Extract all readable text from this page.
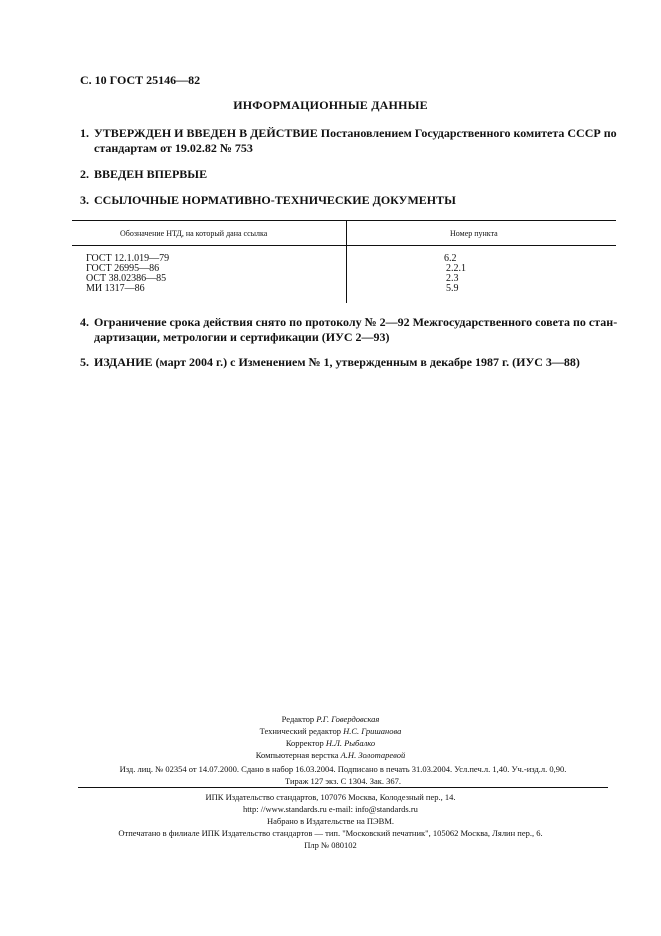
С. 10 ГОСТ 25146—82
ИНФОРМАЦИОННЫЕ ДАННЫЕ
1. УТВЕРЖДЕН И ВВЕДЕН В ДЕЙСТВИЕ Постановлением Государственного комитета СССР по
стандартам от 19.02.82 № 753
2. ВВЕДЕН ВПЕРВЫЕ
3. ССЫЛОЧНЫЕ НОРМАТИВНО-ТЕХНИЧЕСКИЕ ДОКУМЕНТЫ
Обозначение НТД, на который дана ссылка	Номер пункта
ГОСТ 12.1.019—79	6.2
ГОСТ 26995—86	2.2.1
ОСТ 38.02386—85	2.3
МИ 1317—86	5.9
4. Ограничение срока действия снято по протоколу № 2—92 Межгосударственного совета по стан-
дартизации, метрологии и сертификации (ИУС 2—93)
5. ИЗДАНИЕ (март 2004 г.) с Изменением № 1, утвержденным в декабре 1987 г. (ИУС 3—88)
Редактор Р.Г. Говердовская
Технический редактор Н.С. Гришанова
Корректор Н.Л. Рыбалко
Компьютерная верстка А.Н. Золотаревой
Изд. лиц. № 02354 от 14.07.2000. Сдано в набор 16.03.2004. Подписано в печать 31.03.2004. Усл.печ.л. 1,40. Уч.-изд.л. 0,90.
Тираж 127 экз. С 1304. Зак. 367.
ИПК Издательство стандартов, 107076 Москва, Колодезный пер., 14.
http: //www.standards.ru e-mail: info@standards.ru
Набрано в Издательстве на ПЭВМ.
Отпечатано в филиале ИПК Издательство стандартов — тип. "Московский печатник", 105062 Москва, Лялин пер., 6.
Плр № 080102
